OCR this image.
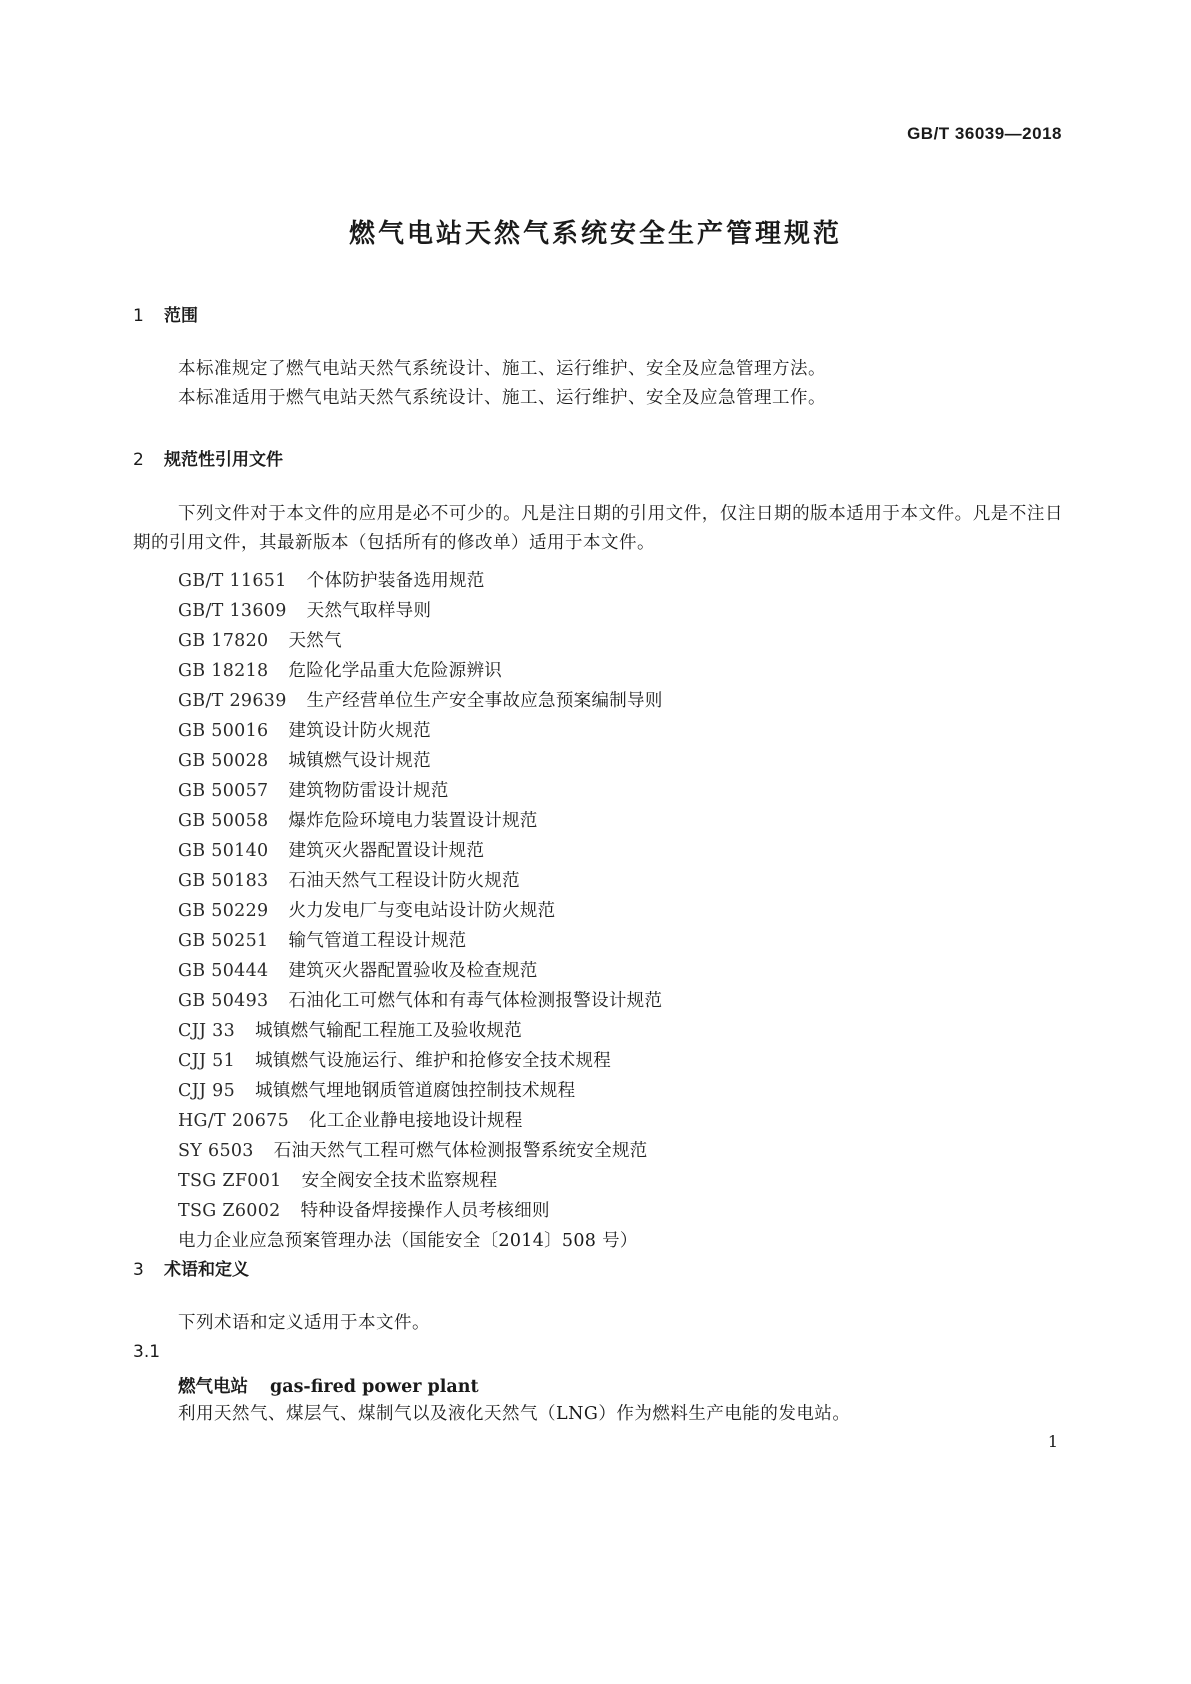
GB/T 36039—2018
燃气电站天然气系统安全生产管理规范
1 范围
本标准规定了燃气电站天然气系统设计、施工、运行维护、安全及应急管理方法。
本标准适用于燃气电站天然气系统设计、施工、运行维护、安全及应急管理工作。
2 规范性引用文件
下列文件对于本文件的应用是必不可少的。凡是注日期的引用文件，仅注日期的版本适用于本文件。凡是不注日期的引用文件，其最新版本（包括所有的修改单）适用于本文件。
GB/T 11651 个体防护装备选用规范
GB/T 13609 天然气取样导则
GB 17820 天然气
GB 18218 危险化学品重大危险源辨识
GB/T 29639 生产经营单位生产安全事故应急预案编制导则
GB 50016 建筑设计防火规范
GB 50028 城镇燃气设计规范
GB 50057 建筑物防雷设计规范
GB 50058 爆炸危险环境电力装置设计规范
GB 50140 建筑灭火器配置设计规范
GB 50183 石油天然气工程设计防火规范
GB 50229 火力发电厂与变电站设计防火规范
GB 50251 输气管道工程设计规范
GB 50444 建筑灭火器配置验收及检查规范
GB 50493 石油化工可燃气体和有毒气体检测报警设计规范
CJJ 33 城镇燃气输配工程施工及验收规范
CJJ 51 城镇燃气设施运行、维护和抢修安全技术规程
CJJ 95 城镇燃气埋地钢质管道腐蚀控制技术规程
HG/T 20675 化工企业静电接地设计规程
SY 6503 石油天然气工程可燃气体检测报警系统安全规范
TSG ZF001 安全阀安全技术监察规程
TSG Z6002 特种设备焊接操作人员考核细则
电力企业应急预案管理办法（国能安全〔2014〕508 号）
3 术语和定义
下列术语和定义适用于本文件。
3.1
燃气电站 gas-fired power plant
利用天然气、煤层气、煤制气以及液化天然气（LNG）作为燃料生产电能的发电站。
1
